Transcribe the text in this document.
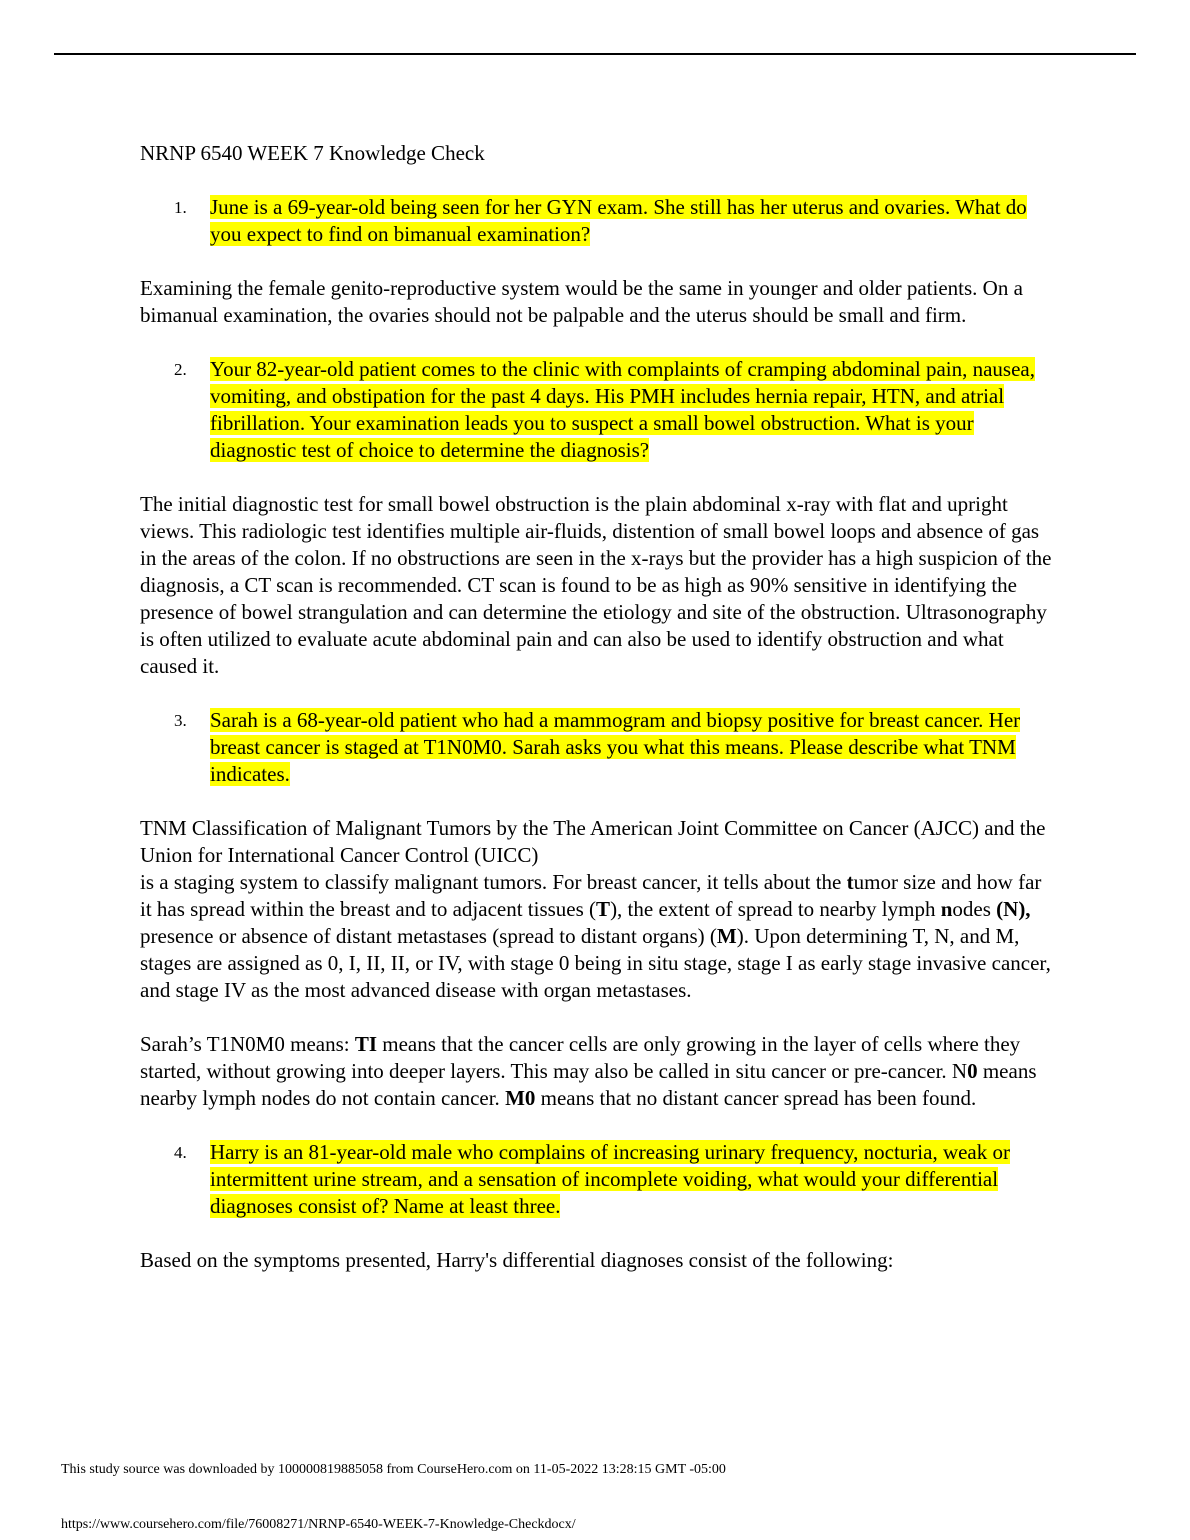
NRNP 6540 WEEK 7 Knowledge Check
1. June is a 69-year-old being seen for her GYN exam. She still has her uterus and ovaries. What do you expect to find on bimanual examination?
Examining the female genito-reproductive system would be the same in younger and older patients. On a bimanual examination, the ovaries should not be palpable and the uterus should be small and firm.
2. Your 82-year-old patient comes to the clinic with complaints of cramping abdominal pain, nausea, vomiting, and obstipation for the past 4 days. His PMH includes hernia repair, HTN, and atrial fibrillation. Your examination leads you to suspect a small bowel obstruction. What is your diagnostic test of choice to determine the diagnosis?
The initial diagnostic test for small bowel obstruction is the plain abdominal x-ray with flat and upright views. This radiologic test identifies multiple air-fluids, distention of small bowel loops and absence of gas in the areas of the colon. If no obstructions are seen in the x-rays but the provider has a high suspicion of the diagnosis, a CT scan is recommended. CT scan is found to be as high as 90% sensitive in identifying the presence of bowel strangulation and can determine the etiology and site of the obstruction. Ultrasonography is often utilized to evaluate acute abdominal pain and can also be used to identify obstruction and what caused it.
3. Sarah is a 68-year-old patient who had a mammogram and biopsy positive for breast cancer. Her breast cancer is staged at T1N0M0. Sarah asks you what this means. Please describe what TNM indicates.
TNM Classification of Malignant Tumors by the The American Joint Committee on Cancer (AJCC) and the Union for International Cancer Control (UICC)
is a staging system to classify malignant tumors. For breast cancer, it tells about the tumor size and how far it has spread within the breast and to adjacent tissues (T), the extent of spread to nearby lymph nodes (N), presence or absence of distant metastases (spread to distant organs) (M). Upon determining T, N, and M, stages are assigned as 0, I, II, II, or IV, with stage 0 being in situ stage, stage I as early stage invasive cancer, and stage IV as the most advanced disease with organ metastases.
Sarah’s T1N0M0 means: TI means that the cancer cells are only growing in the layer of cells where they started, without growing into deeper layers. This may also be called in situ cancer or pre-cancer. N0 means nearby lymph nodes do not contain cancer. M0 means that no distant cancer spread has been found.
4. Harry is an 81-year-old male who complains of increasing urinary frequency, nocturia, weak or intermittent urine stream, and a sensation of incomplete voiding, what would your differential diagnoses consist of? Name at least three.
Based on the symptoms presented, Harry's differential diagnoses consist of the following:
This study source was downloaded by 100000819885058 from CourseHero.com on 11-05-2022 13:28:15 GMT -05:00
https://www.coursehero.com/file/76008271/NRNP-6540-WEEK-7-Knowledge-Checkdocx/
